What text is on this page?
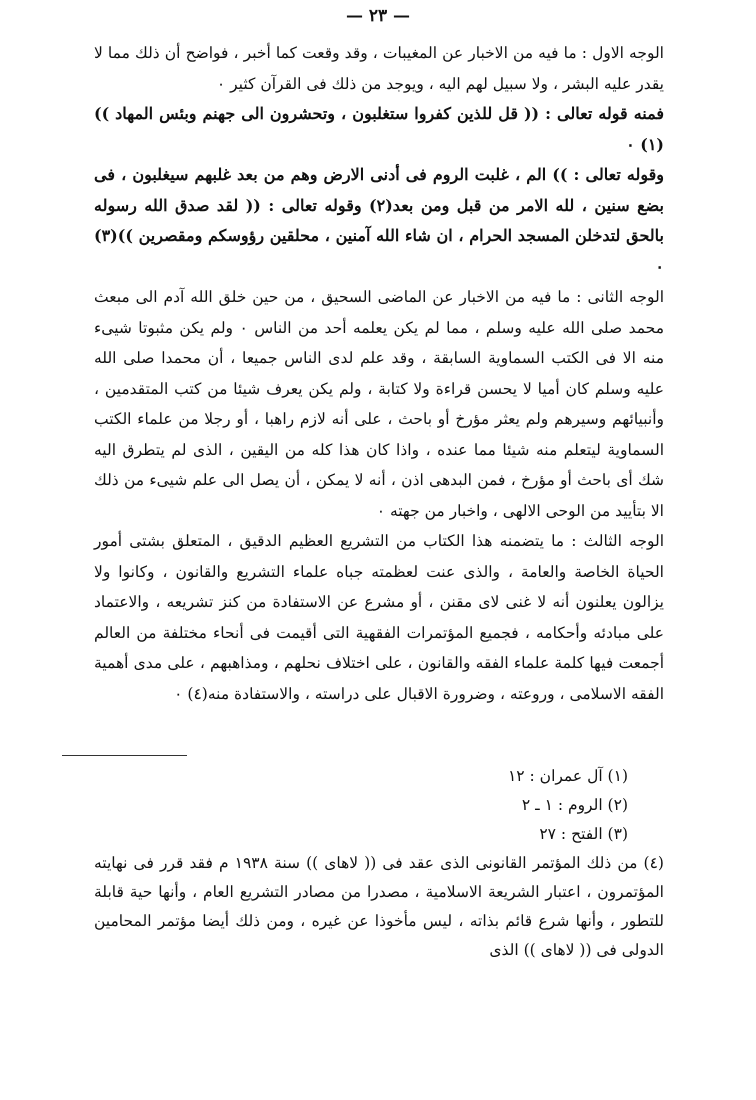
— ٢٣ —

الوجه الاول : ما فيه من الاخبار عن المغيبات ، وقد وقعت كما أخبر ، فواضح أن ذلك مما لا يقدر عليه البشر ، ولا سبيل لهم اليه ، ويوجد من ذلك فى القرآن كثير ٠

فمنه قوله تعالى : (( قل للذين كفروا ستغلبون ، وتحشرون الى جهنم وبئس المهاد ))(١) ٠

وقوله تعالى : )) الم ، غلبت الروم فى أدنى الارض وهم من بعد غلبهم سيغلبون ، فى بضع سنين ، لله الامر من قبل ومن بعد(٢) وقوله تعالى : (( لقد صدق الله رسوله بالحق لتدخلن المسجد الحرام ، ان شاء الله آمنين ، محلقين رؤوسكم ومقصرين ))(٣) ٠

الوجه الثانى : ما فيه من الاخبار عن الماضى السحيق ، من حين خلق الله آدم الى مبعث محمد صلى الله عليه وسلم ، مما لم يكن يعلمه أحد من الناس ٠ ولم يكن مثبوتا شيىء منه الا فى الكتب السماوية السابقة ، وقد علم لدى الناس جميعا ، أن محمدا صلى الله عليه وسلم كان أميا لا يحسن قراءة ولا كتابة ، ولم يكن يعرف شيئا من كتب المتقدمين ، وأنبيائهم وسيرهم ولم يعثر مؤرخ أو باحث ، على أنه لازم راهبا ، أو رجلا من علماء الكتب السماوية ليتعلم منه شيئا مما عنده ، واذا كان هذا كله من اليقين ، الذى لم يتطرق اليه شك أى باحث أو مؤرخ ، فمن البدهى اذن ، أنه لا يمكن ، أن يصل الى علم شيىء من ذلك الا بتأييد من الوحى الالهى ، واخبار من جهته ٠

الوجه الثالث : ما يتضمنه هذا الكتاب من التشريع العظيم الدقيق ، المتعلق بشتى أمور الحياة الخاصة والعامة ، والذى عنت لعظمته جباه علماء التشريع والقانون ، وكانوا ولا يزالون يعلنون أنه لا غنى لاى مقنن ، أو مشرع عن الاستفادة من كنز تشريعه ، والاعتماد على مبادئه وأحكامه ، فجميع المؤتمرات الفقهية التى أقيمت فى أنحاء مختلفة من العالم أجمعت فيها كلمة علماء الفقه والقانون ، على اختلاف نحلهم ، ومذاهبهم ، على مدى أهمية الفقه الاسلامى ، وروعته ، وضرورة الاقبال على دراسته ، والاستفادة منه(٤) ٠

(١) آل عمران : ١٢
(٢) الروم : ١ ـ ٢
(٣) الفتح : ٢٧
(٤) من ذلك المؤتمر القانونى الذى عقد فى (( لاهاى )) سنة ١٩٣٨ م فقد قرر فى نهايته المؤتمرون ، اعتبار الشريعة الاسلامية ، مصدرا من مصادر التشريع العام ، وأنها حية قابلة للتطور ، وأنها شرع قائم بذاته ، ليس مأخوذا عن غيره ، ومن ذلك أيضا مؤتمر المحامين الدولى فى (( لاهاى )) الذى
